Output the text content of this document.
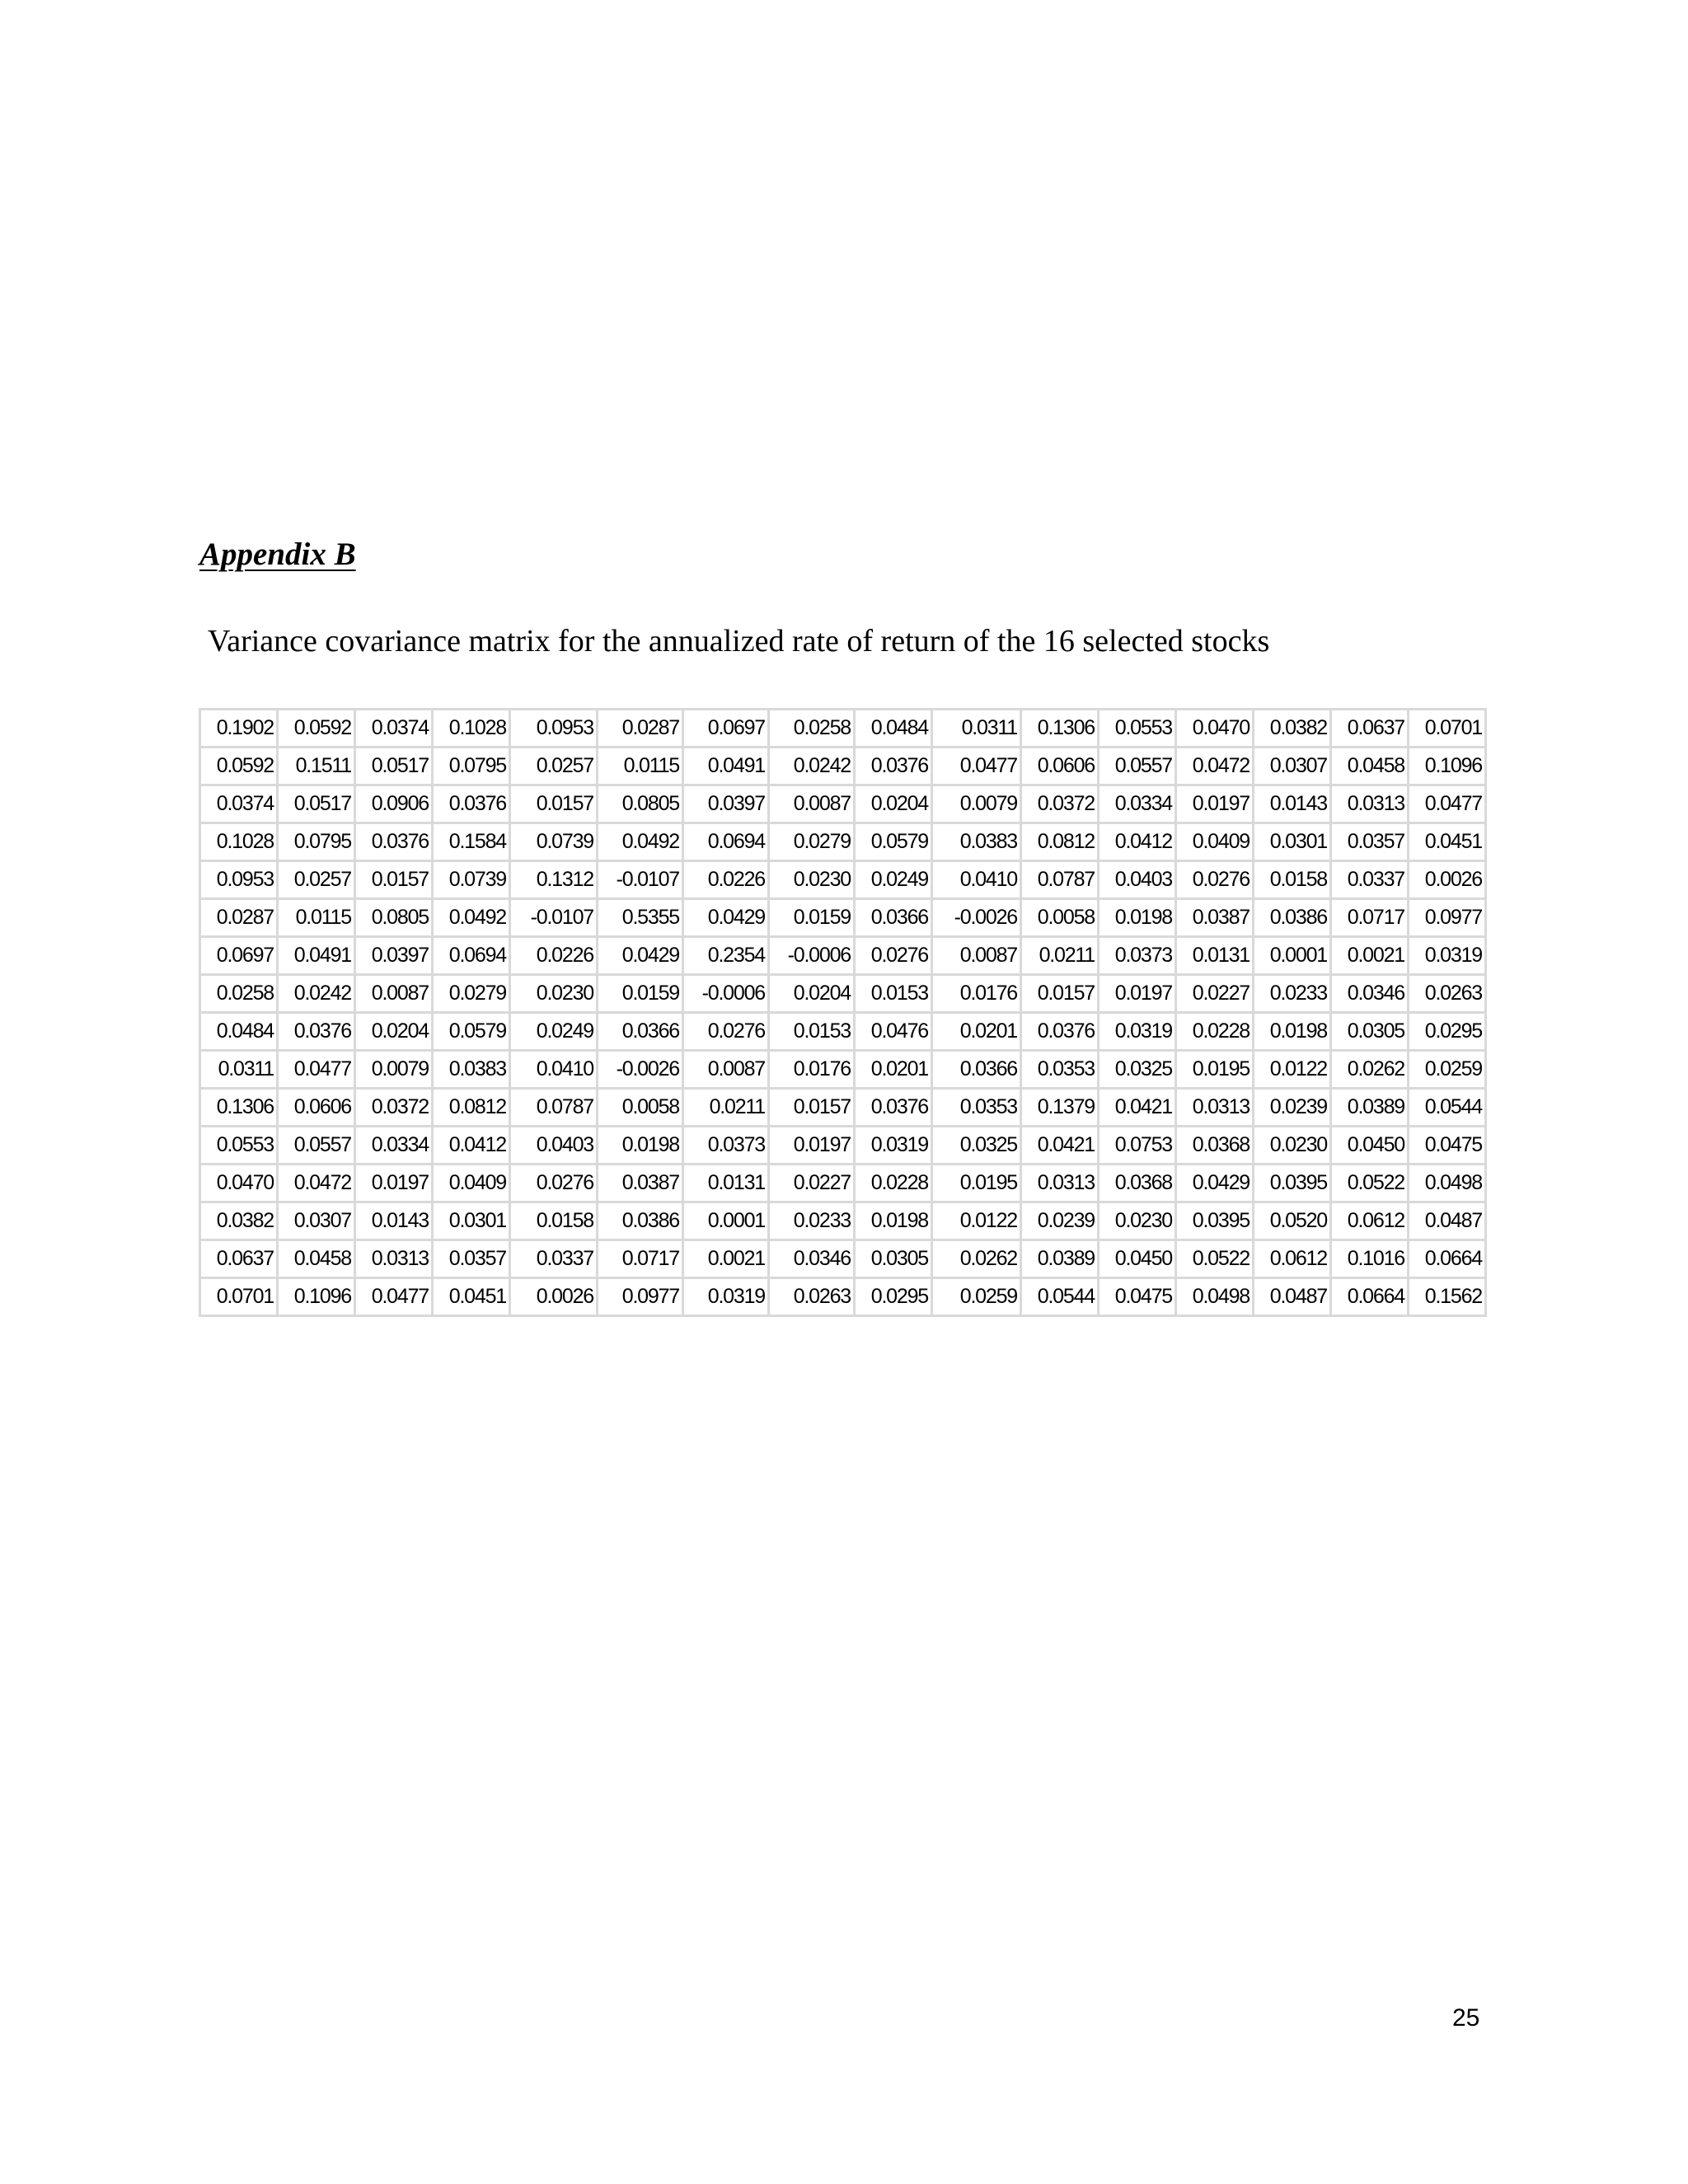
Appendix B

Variance covariance matrix for the annualized rate of return of the 16 selected stocks

0.1902	0.0592	0.0374	0.1028	0.0953	0.0287	0.0697	0.0258	0.0484	0.0311	0.1306	0.0553	0.0470	0.0382	0.0637	0.0701
0.0592	0.1511	0.0517	0.0795	0.0257	0.0115	0.0491	0.0242	0.0376	0.0477	0.0606	0.0557	0.0472	0.0307	0.0458	0.1096
0.0374	0.0517	0.0906	0.0376	0.0157	0.0805	0.0397	0.0087	0.0204	0.0079	0.0372	0.0334	0.0197	0.0143	0.0313	0.0477
0.1028	0.0795	0.0376	0.1584	0.0739	0.0492	0.0694	0.0279	0.0579	0.0383	0.0812	0.0412	0.0409	0.0301	0.0357	0.0451
0.0953	0.0257	0.0157	0.0739	0.1312	-0.0107	0.0226	0.0230	0.0249	0.0410	0.0787	0.0403	0.0276	0.0158	0.0337	0.0026
0.0287	0.0115	0.0805	0.0492	-0.0107	0.5355	0.0429	0.0159	0.0366	-0.0026	0.0058	0.0198	0.0387	0.0386	0.0717	0.0977
0.0697	0.0491	0.0397	0.0694	0.0226	0.0429	0.2354	-0.0006	0.0276	0.0087	0.0211	0.0373	0.0131	0.0001	0.0021	0.0319
0.0258	0.0242	0.0087	0.0279	0.0230	0.0159	-0.0006	0.0204	0.0153	0.0176	0.0157	0.0197	0.0227	0.0233	0.0346	0.0263
0.0484	0.0376	0.0204	0.0579	0.0249	0.0366	0.0276	0.0153	0.0476	0.0201	0.0376	0.0319	0.0228	0.0198	0.0305	0.0295
0.0311	0.0477	0.0079	0.0383	0.0410	-0.0026	0.0087	0.0176	0.0201	0.0366	0.0353	0.0325	0.0195	0.0122	0.0262	0.0259
0.1306	0.0606	0.0372	0.0812	0.0787	0.0058	0.0211	0.0157	0.0376	0.0353	0.1379	0.0421	0.0313	0.0239	0.0389	0.0544
0.0553	0.0557	0.0334	0.0412	0.0403	0.0198	0.0373	0.0197	0.0319	0.0325	0.0421	0.0753	0.0368	0.0230	0.0450	0.0475
0.0470	0.0472	0.0197	0.0409	0.0276	0.0387	0.0131	0.0227	0.0228	0.0195	0.0313	0.0368	0.0429	0.0395	0.0522	0.0498
0.0382	0.0307	0.0143	0.0301	0.0158	0.0386	0.0001	0.0233	0.0198	0.0122	0.0239	0.0230	0.0395	0.0520	0.0612	0.0487
0.0637	0.0458	0.0313	0.0357	0.0337	0.0717	0.0021	0.0346	0.0305	0.0262	0.0389	0.0450	0.0522	0.0612	0.1016	0.0664
0.0701	0.1096	0.0477	0.0451	0.0026	0.0977	0.0319	0.0263	0.0295	0.0259	0.0544	0.0475	0.0498	0.0487	0.0664	0.1562

25
